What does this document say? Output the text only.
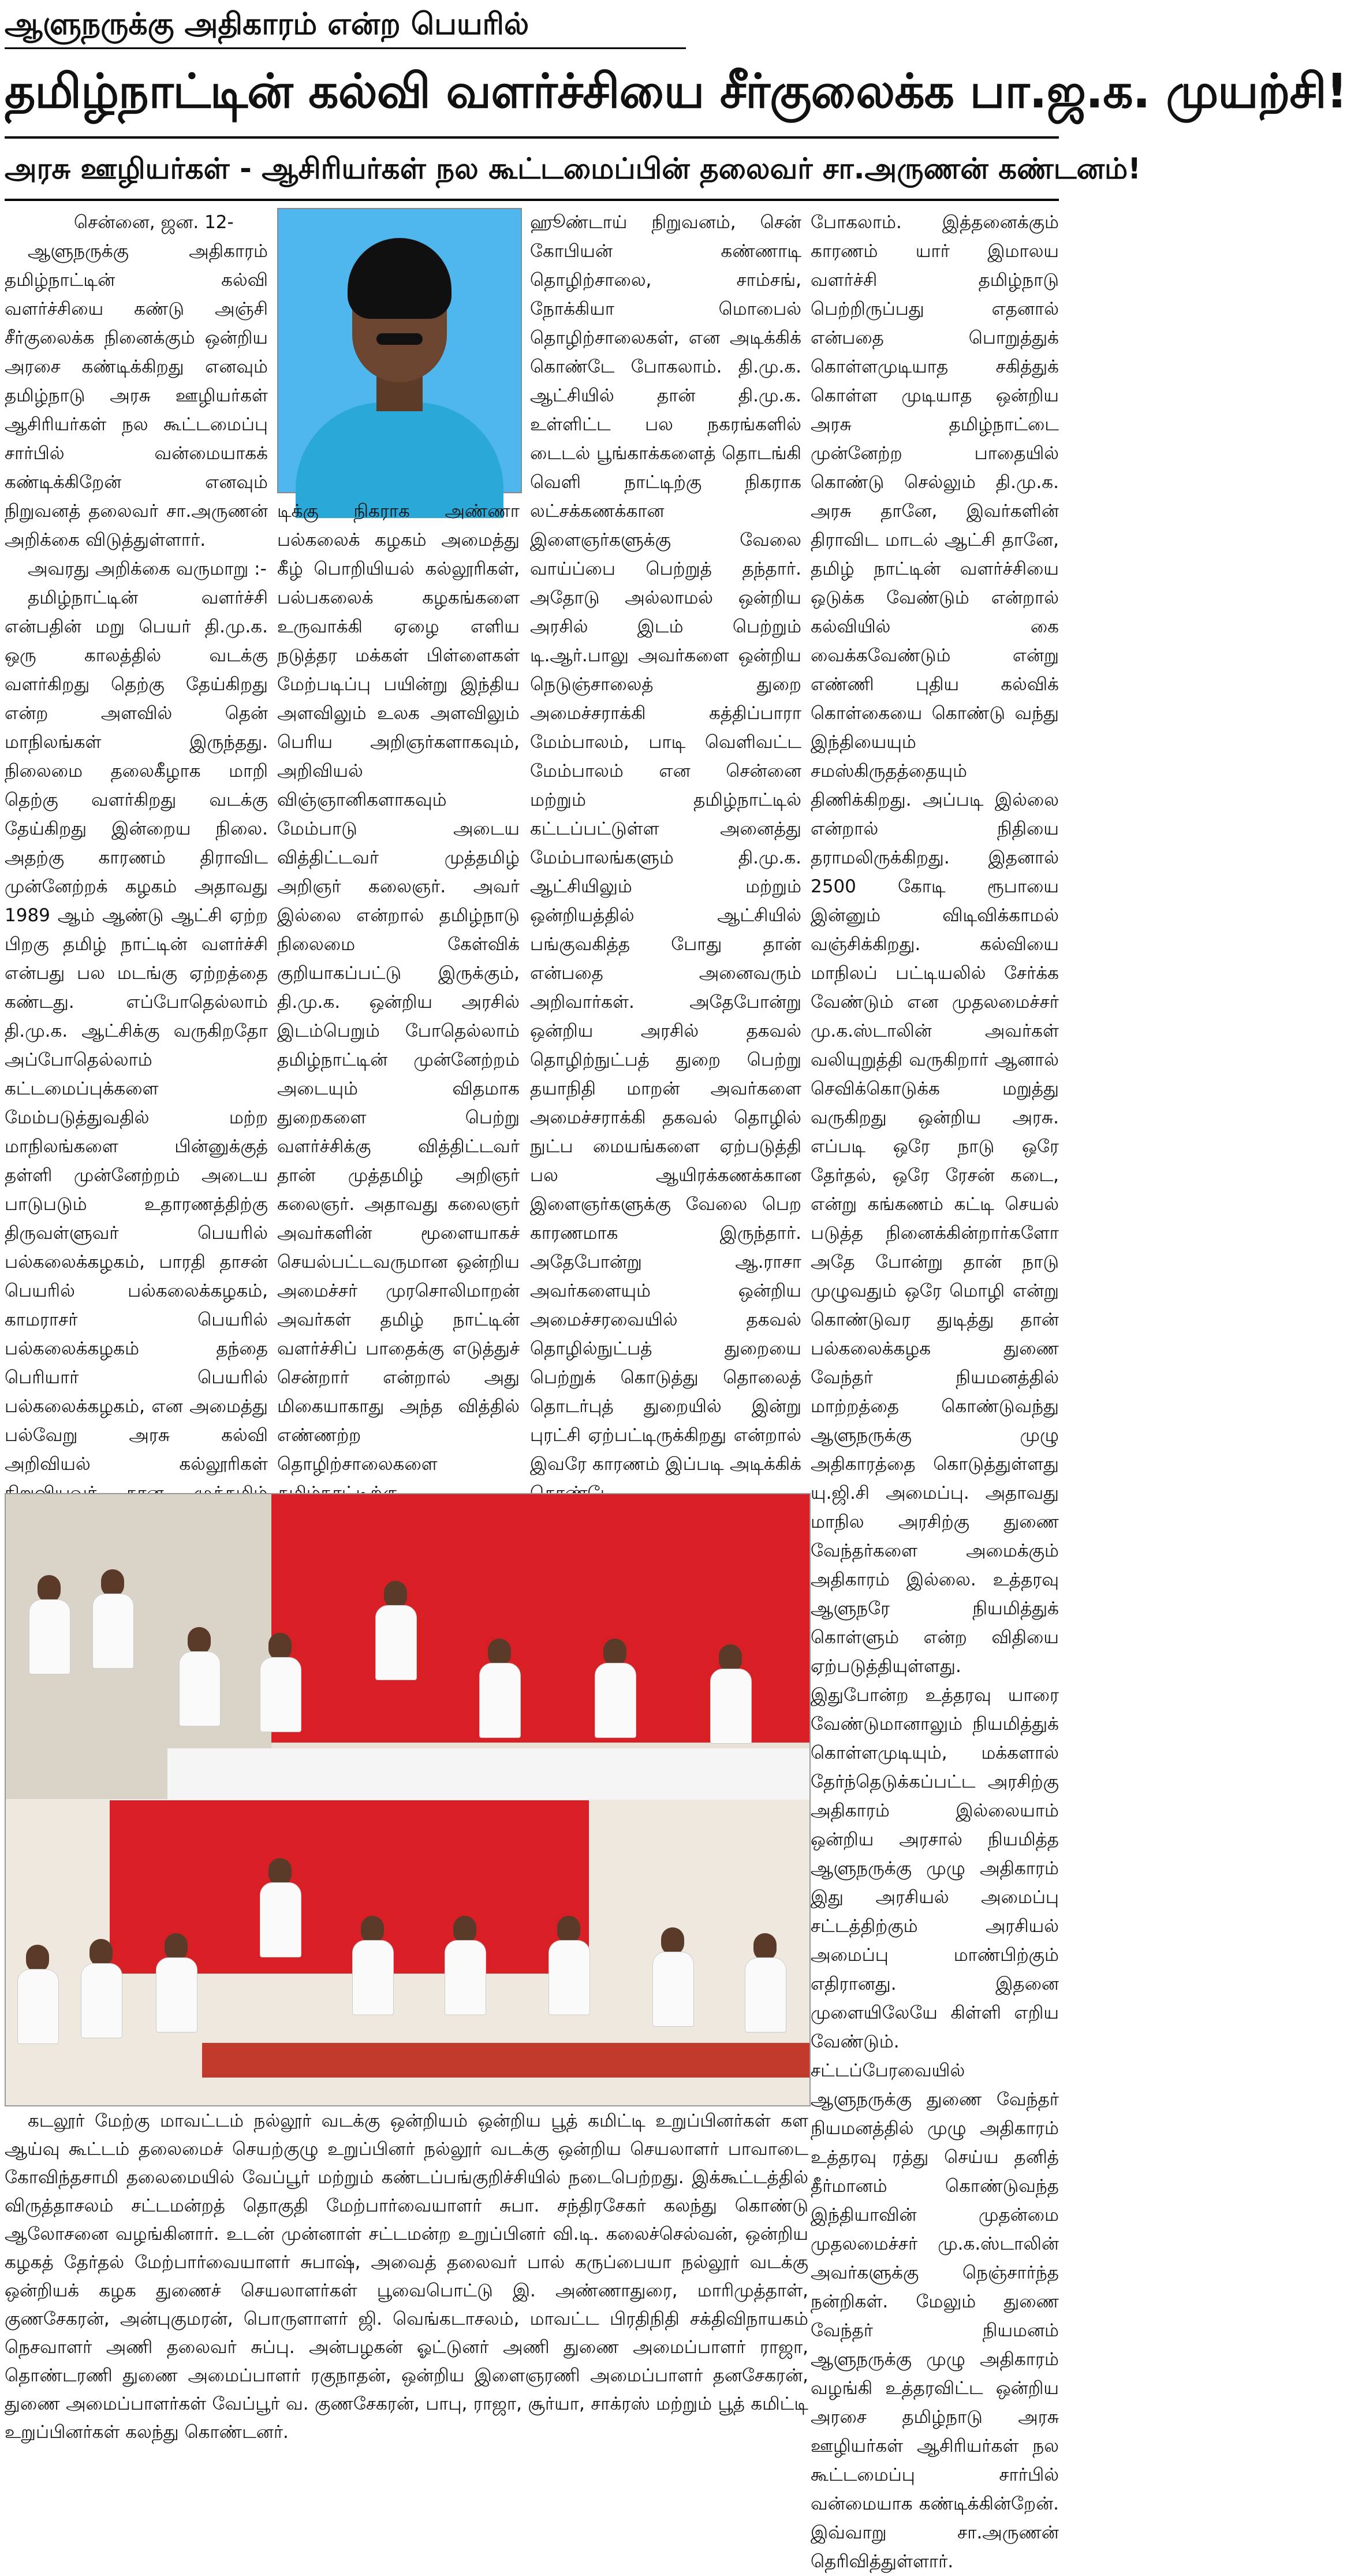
ஆளுநருக்கு அதிகாரம் என்ற பெயரில்
தமிழ்நாட்டின் கல்வி வளர்ச்சியை சீர்குலைக்க பா.ஜ.க. முயற்சி!
அரசு ஊழியர்கள் - ஆசிரியர்கள் நல கூட்டமைப்பின் தலைவர் சா.அருணன் கண்டனம்!

சென்னை, ஜன. 12-

ஆளுநருக்கு அதிகாரம் தமிழ்நாட்டின் கல்வி வளர்ச்சியை கண்டு அஞ்சி சீர்குலைக்க நினைக்கும் ஒன்றிய அரசை கண்டிக்கிறது எனவும் தமிழ்நாடு அரசு ஊழியர்கள் ஆசிரியர்கள் நல கூட்டமைப்பு சார்பில் வன்மையாகக் கண்டிக்கிறேன் எனவும் நிறுவனத் தலைவர் சா.அருணன் அறிக்கை விடுத்துள்ளார்.

அவரது அறிக்கை வருமாறு :-

தமிழ்நாட்டின் வளர்ச்சி என்பதின் மறு பெயர் தி.மு.க. ஒரு காலத்தில் வடக்கு வளர்கிறது தெற்கு தேய்கிறது என்ற அளவில் தென் மாநிலங்கள் இருந்தது. நிலைமை தலைகீழாக மாறி தெற்கு வளர்கிறது வடக்கு தேய்கிறது இன்றைய நிலை. அதற்கு காரணம் திராவிட முன்னேற்றக் கழகம் அதாவது 1989 ஆம் ஆண்டு ஆட்சி ஏற்ற பிறகு தமிழ் நாட்டின் வளர்ச்சி என்பது பல மடங்கு ஏற்றத்தை கண்டது. எப்போதெல்லாம் தி.மு.க. ஆட்சிக்கு வருகிறதோ அப்போதெல்லாம் கட்டமைப்புக்களை மேம்படுத்துவதில் மற்ற மாநிலங்களை பின்னுக்குத் தள்ளி முன்னேற்றம் அடைய பாடுபடும் உதாரணத்திற்கு திருவள்ளுவர் பெயரில் பல்கலைக்கழகம், பாரதி தாசன் பெயரில் பல்கலைக்கழகம், காமராசர் பெயரில் பல்கலைக்கழகம் தந்தை பெரியார் பெயரில் பல்கலைக்கழகம், என அமைத்து பல்வேறு அரசு கல்வி அறிவியல் கல்லூரிகள்

டிக்கு நிகராக அண்ணா பல்கலைக் கழகம் அமைத்து கீழ் பொறியியல் கல்லூரிகள், பல்பகலைக் கழகங்களை உருவாக்கி ஏழை எளிய நடுத்தர மக்கள் பிள்ளைகள் மேற்படிப்பு பயின்று இந்திய அளவிலும் உலக அளவிலும் பெரிய அறிஞர்களாகவும், அறிவியல் விஞ்ஞானிகளாகவும் மேம்பாடு அடைய வித்திட்டவர் முத்தமிழ் அறிஞர் கலைஞர். அவர் இல்லை என்றால் தமிழ்நாடு நிலைமை கேள்விக் குறியாகப்பட்டு இருக்கும், தி.மு.க. ஒன்றிய அரசில் இடம்பெறும் போதெல்லாம் தமிழ்நாட்டின் முன்னேற்றம் அடையும் விதமாக துறைகளை பெற்று வளர்ச்சிக்கு வித்திட்டவர் தான் முத்தமிழ் அறிஞர் கலைஞர். அதாவது கலைஞர் அவர்களின் மூளையாகச் செயல்பட்டவருமான ஒன்றிய அமைச்சர் முரசொலிமாறன் அவர்கள் தமிழ் நாட்டின் வளர்ச்சிப் பாதைக்கு எடுத்துச் சென்றார் என்றால் அது மிகையாகாது அந்த வித்தில் எண்ணற்ற தொழிற்சாலைகளை

ஹூண்டாய் நிறுவனம், சென் கோபியன் கண்ணாடி தொழிற்சாலை, சாம்சங், நோக்கியா மொபைல் தொழிற்சாலைகள், என அடிக்கிக் கொண்டே போகலாம். தி.மு.க. ஆட்சியில் தான் தி.மு.க. உள்ளிட்ட பல நகரங்களில் டைடல் பூங்காக்களைத் தொடங்கி வெளி நாட்டிற்கு நிகராக லட்சக்கணக்கான இளைஞர்களுக்கு வேலை வாய்ப்பை பெற்றுத் தந்தார். அதோடு அல்லாமல் ஒன்றிய அரசில் இடம் பெற்றும் டி.ஆர்.பாலு அவர்களை ஒன்றிய நெடுஞ்சாலைத் துறை அமைச்சராக்கி கத்திப்பாரா மேம்பாலம், பாடி வெளிவட்ட மேம்பாலம் என சென்னை மற்றும் தமிழ்நாட்டில் கட்டப்பட்டுள்ள அனைத்து மேம்பாலங்களும் தி.மு.க. ஆட்சியிலும் மற்றும் ஒன்றியத்தில் ஆட்சியில் பங்குவகித்த போது தான் என்பதை அனைவரும் அறிவார்கள். அதேபோன்று ஒன்றிய அரசில் தகவல் தொழிற்நுட்பத் துறை பெற்று தயாநிதி மாறன் அவர்களை அமைச்சராக்கி தகவல் தொழில் நுட்ப மையங்களை ஏற்படுத்தி பல ஆயிரக்கணக்கான இளைஞர்களுக்கு வேலை பெற காரணமாக இருந்தார். அதேபோன்று ஆ.ராசா அவர்களையும் ஒன்றிய அமைச்சரவையில் தகவல் தொழில்நுட்பத் துறையை பெற்றுக் கொடுத்து தொலைத் தொடர்புத் துறையில் இன்று புரட்சி ஏற்பட்டிருக்கிறது என்றால் இவரே காரணம் இப்படி அடிக்கிக்

போகலாம். இத்தனைக்கும் காரணம் யார் இமாலய வளர்ச்சி தமிழ்நாடு பெற்றிருப்பது எதனால் என்பதை பொறுத்துக் கொள்ளமுடியாத சகித்துக் கொள்ள முடியாத ஒன்றிய அரசு தமிழ்நாட்டை முன்னேற்ற பாதையில் கொண்டு செல்லும் தி.மு.க. அரசு தானே, இவர்களின் திராவிட மாடல் ஆட்சி தானே, தமிழ் நாட்டின் வளர்ச்சியை ஒடுக்க வேண்டும் என்றால் கல்வியில் கை வைக்கவேண்டும் என்று எண்ணி புதிய கல்விக் கொள்கையை கொண்டு வந்து இந்தியையும் சமஸ்கிருதத்தையும் திணிக்கிறது. அப்படி இல்லை என்றால் நிதியை தராமலிருக்கிறது. இதனால் 2500 கோடி ரூபாயை இன்னும் விடிவிக்காமல் வஞ்சிக்கிறது. கல்வியை மாநிலப் பட்டியலில் சேர்க்க வேண்டும் என முதலமைச்சர் மு.க.ஸ்டாலின் அவர்கள் வலியுறுத்தி வருகிறார் ஆனால் செவிக்கொடுக்க மறுத்து வருகிறது ஒன்றிய அரசு. எப்படி ஒரே நாடு ஒரே தேர்தல், ஒரே ரேசன் கடை, என்று கங்கணம் கட்டி செயல் படுத்த நினைக்கின்றார்களோ அதே போன்று தான் நாடு முழுவதும் ஒரே மொழி என்று கொண்டுவர துடித்து தான் பல்கலைக்கழக துணை வேந்தர் நியமனத்தில் மாற்றத்தை கொண்டுவந்து ஆளுநருக்கு முழு அதிகாரத்தை கொடுத்துள்ளது யு.ஜி.சி அமைப்பு. அதாவது மாநில அரசிற்கு துணை வேந்தர்களை அமைக்கும் அதிகாரம் இல்லை. உத்தரவு ஆளுநரே நியமித்துக் கொள்ளும் என்ற விதியை ஏற்படுத்தியுள்ளது. இதுபோன்ற உத்தரவு யாரை வேண்டுமானாலும் நியமித்துக் கொள்ளமுடியும், மக்களால் தேர்ந்தெடுக்கப்பட்ட அரசிற்கு அதிகாரம் இல்லையாம் ஒன்றிய அரசால் நியமித்த ஆளுநருக்கு முழு அதிகாரம் இது அரசியல் அமைப்பு சட்டத்திற்கும் அரசியல் அமைப்பு மாண்பிற்கும் எதிரானது. இதனை முளையிலேயே கிள்ளி எறிய வேண்டும். சட்டப்பேரவையில் ஆளுநருக்கு துணை வேந்தர் நியமனத்தில் முழு அதிகாரம் உத்தரவு ரத்து செய்ய தனித் தீர்மானம் கொண்டுவந்த இந்தியாவின் முதன்மை முதலமைச்சர் மு.க.ஸ்டாலின் அவர்களுக்கு நெஞ்சார்ந்த நன்றிகள். மேலும் துணை வேந்தர் நியமனம் ஆளுநருக்கு முழு அதிகாரம் வழங்கி உத்தரவிட்ட ஒன்றிய அரசை தமிழ்நாடு அரசு ஊழியர்கள் ஆசிரியர்கள் நல கூட்டமைப்பு சார்பில் வன்மையாக கண்டிக்கின்றேன். இவ்வாறு சா.அருணன் தெரிவித்துள்ளார்.

கடலூர் மேற்கு மாவட்டம் நல்லூர் வடக்கு ஒன்றியம் ஒன்றிய பூத் கமிட்டி உறுப்பினர்கள் கள ஆய்வு கூட்டம் தலைமைச் செயற்குழு உறுப்பினர் நல்லூர் வடக்கு ஒன்றிய செயலாளர் பாவாடை கோவிந்தசாமி தலைமையில் வேப்பூர் மற்றும் கண்டப்பங்குறிச்சியில் நடைபெற்றது. இக்கூட்டத்தில் விருத்தாசலம் சட்டமன்றத் தொகுதி மேற்பார்வையாளர் சுபா. சந்திரசேகர் கலந்து கொண்டு ஆலோசனை வழங்கினார். உடன் முன்னாள் சட்டமன்ற உறுப்பினர் வி.டி. கலைச்செல்வன், ஒன்றிய கழகத் தேர்தல் மேற்பார்வையாளர் சுபாஷ், அவைத் தலைவர் பால் கருப்பையா நல்லூர் வடக்கு ஒன்றியக் கழக துணைச் செயலாளர்கள் பூவைபொட்டு இ. அண்ணாதுரை, மாரிமுத்தாள், குணசேகரன், அன்புகுமரன், பொருளாளர் ஜி. வெங்கடாசலம், மாவட்ட பிரதிநிதி சக்திவிநாயகம் நெசவாளர் அணி தலைவர் சுப்பு. அன்பழகன் ஓட்டுனர் அணி துணை அமைப்பாளர் ராஜா, தொண்டரணி துணை அமைப்பாளர் ரகுநாதன், ஒன்றிய இளைஞரணி அமைப்பாளர் தனசேகரன், துணை அமைப்பாளர்கள் வேப்பூர் வ. குணசேகரன், பாபு, ராஜா, சூர்யா, சாக்ரஸ் மற்றும் பூத் கமிட்டி உறுப்பினர்கள் கலந்து கொண்டனர்.
